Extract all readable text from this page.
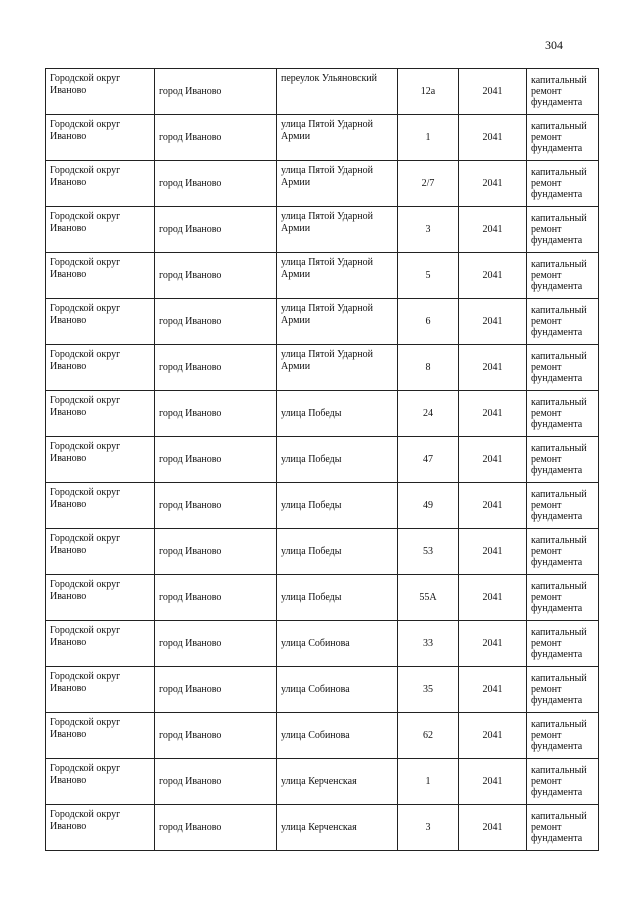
304
Городской округ Иваново	город Иваново	переулок Ульяновский	12а	2041	капитальный ремонт фундамента
Городской округ Иваново	город Иваново	улица Пятой Ударной Армии	1	2041	капитальный ремонт фундамента
Городской округ Иваново	город Иваново	улица Пятой Ударной Армии	2/7	2041	капитальный ремонт фундамента
Городской округ Иваново	город Иваново	улица Пятой Ударной Армии	3	2041	капитальный ремонт фундамента
Городской округ Иваново	город Иваново	улица Пятой Ударной Армии	5	2041	капитальный ремонт фундамента
Городской округ Иваново	город Иваново	улица Пятой Ударной Армии	6	2041	капитальный ремонт фундамента
Городской округ Иваново	город Иваново	улица Пятой Ударной Армии	8	2041	капитальный ремонт фундамента
Городской округ Иваново	город Иваново	улица Победы	24	2041	капитальный ремонт фундамента
Городской округ Иваново	город Иваново	улица Победы	47	2041	капитальный ремонт фундамента
Городской округ Иваново	город Иваново	улица Победы	49	2041	капитальный ремонт фундамента
Городской округ Иваново	город Иваново	улица Победы	53	2041	капитальный ремонт фундамента
Городской округ Иваново	город Иваново	улица Победы	55А	2041	капитальный ремонт фундамента
Городской округ Иваново	город Иваново	улица Собинова	33	2041	капитальный ремонт фундамента
Городской округ Иваново	город Иваново	улица Собинова	35	2041	капитальный ремонт фундамента
Городской округ Иваново	город Иваново	улица Собинова	62	2041	капитальный ремонт фундамента
Городской округ Иваново	город Иваново	улица Керченская	1	2041	капитальный ремонт фундамента
Городской округ Иваново	город Иваново	улица Керченская	3	2041	капитальный ремонт фундамента
